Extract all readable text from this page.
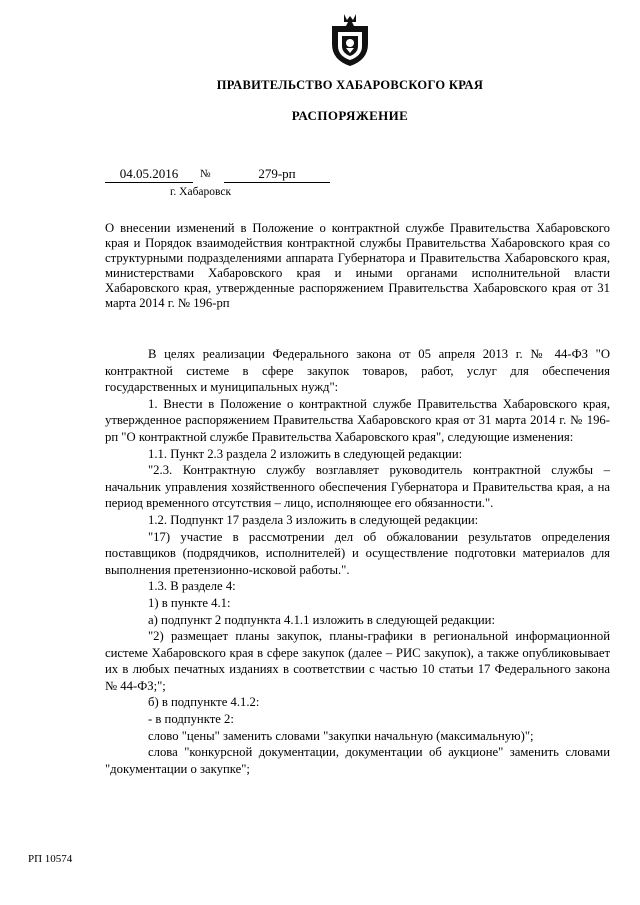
ПРАВИТЕЛЬСТВО ХАБАРОВСКОГО КРАЯ
РАСПОРЯЖЕНИЕ
04.05.2016	№	279-рп
г. Хабаровск
О внесении изменений в Положение о контрактной службе Правительства Хабаровского края и Порядок взаимодействия контрактной службы Правительства Хабаровского края со структурными подразделениями аппарата Губернатора и Правительства Хабаровского края, министерствами Хабаровского края и иными органами исполнительной власти Хабаровского края, утвержденные распоряжением Правительства Хабаровского края от 31 марта 2014 г. № 196-рп

В целях реализации Федерального закона от 05 апреля 2013 г. № 44-ФЗ "О контрактной системе в сфере закупок товаров, работ, услуг для обеспечения государственных и муниципальных нужд":

1. Внести в Положение о контрактной службе Правительства Хабаровского края, утвержденное распоряжением Правительства Хабаровского края от 31 марта 2014 г. № 196-рп "О контрактной службе Правительства Хабаровского края", следующие изменения:

1.1. Пункт 2.3 раздела 2 изложить в следующей редакции:

"2.3. Контрактную службу возглавляет руководитель контрактной службы – начальник управления хозяйственного обеспечения Губернатора и Правительства края, а на период временного отсутствия – лицо, исполняющее его обязанности.".

1.2. Подпункт 17 раздела 3 изложить в следующей редакции:

"17) участие в рассмотрении дел об обжаловании результатов определения поставщиков (подрядчиков, исполнителей) и осуществление подготовки материалов для выполнения претензионно-исковой работы.".

1.3. В разделе 4:

1) в пункте 4.1:

а) подпункт 2 подпункта 4.1.1 изложить в следующей редакции:

"2) размещает планы закупок, планы-графики в региональной информационной системе Хабаровского края в сфере закупок (далее – РИС закупок), а также опубликовывает их в любых печатных изданиях в соответствии с частью 10 статьи 17 Федерального закона № 44-ФЗ;";

б) в подпункте 4.1.2:

- в подпункте 2:

слово "цены" заменить словами "закупки начальную (максимальную)";

слова "конкурсной документации, документации об аукционе" заменить словами "документации о закупке";

РП 10574
